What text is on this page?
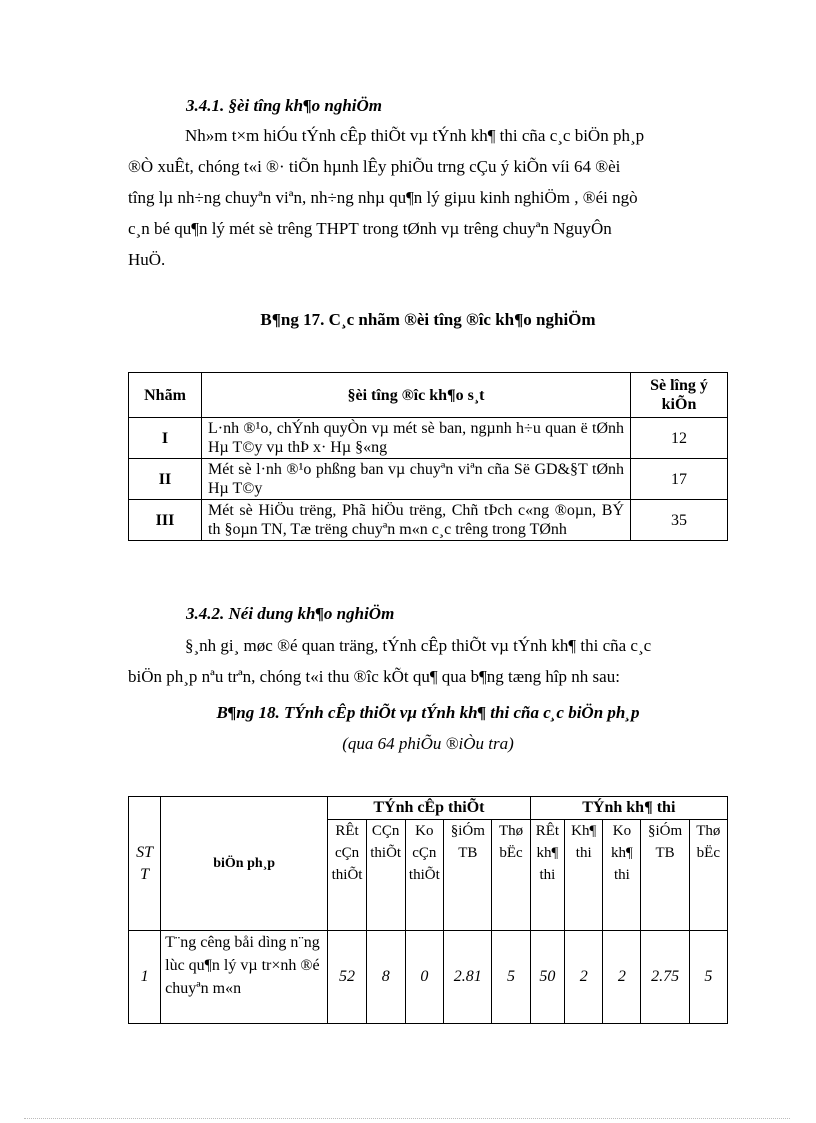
3.4.1. §èi tîng kh¶o nghiÖm

Nh»m t×m hiÓu tÝnh cÊp thiÕt vµ tÝnh kh¶ thi cña c¸c biÖn ph¸p

®Ò xuÊt, chóng t«i ®· tiÕn hµnh lÊy phiÕu trng cÇu ý kiÕn víi 64 ®èi

tîng lµ nh÷ng chuyªn viªn, nh÷ng nhµ qu¶n lý giµu kinh nghiÖm , ®éi ngò

c¸n bé qu¶n lý mét sè trêng THPT trong tØnh vµ trêng chuyªn NguyÔn

HuÖ.

B¶ng 17. C¸c nhãm ®èi tîng ®îc kh¶o nghiÖm
Nhãm	§èi tîng ®îc kh¶o s¸t	Sè lîng ý kiÕn
I	L·nh ®¹o, chÝnh quyÒn vµ mét sè ban, ngµnh h÷u quan ë tØnh Hµ T©y vµ thÞ x· Hµ §«ng	12
II	Mét sè l·nh ®¹o phßng ban vµ chuyªn viªn cña Së GD&§T tØnh Hµ T©y	17
III	Mét sè HiÖu trëng, Phã hiÖu trëng, Chñ tÞch c«ng ®oµn, BÝ th §oµn TN, Tæ trëng chuyªn m«n c¸c trêng trong TØnh	35
3.4.2. Néi dung kh¶o nghiÖm

§¸nh gi¸ møc ®é quan träng, tÝnh cÊp thiÕt vµ tÝnh kh¶ thi cña c¸c

biÖn ph¸p nªu trªn, chóng t«i thu ®îc kÕt qu¶ qua b¶ng tæng hîp nh sau:

B¶ng 18. TÝnh cÊp thiÕt vµ tÝnh kh¶ thi cña c¸c biÖn ph¸p
(qua 64 phiÕu ®iÒu tra)
ST T	biÖn ph¸p	TÝnh cÊp thiÕt					TÝnh kh¶ thi				
		RÊt cÇn thiÕt	CÇn thiÕt	Ko cÇn thiÕt	§iÓm TB	Thø bËc	RÊt kh¶ thi	Kh¶ thi	Ko kh¶ thi	§iÓm TB	Thø bËc
1	T¨ng cêng båi dìng n¨ng lùc qu¶n lý vµ tr×nh ®é chuyªn m«n	52	8	0	2.81	5	50	2	2	2.75	5
